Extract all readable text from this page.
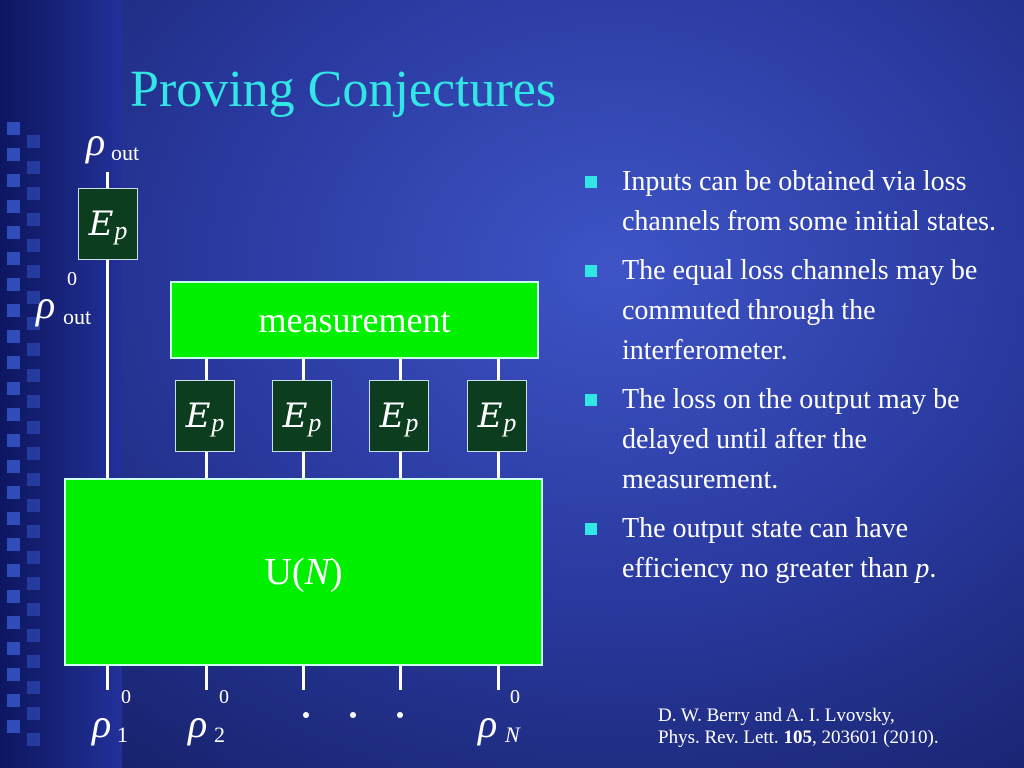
Proving Conjectures
E p
measurement
E p E p E p E p
U(N)
ρ out
ρ
0
out
ρ
0
1 ρ
0
2	ρ
0
N
Inputs can be obtained via loss channels from some initial states.
The equal loss channels may be commuted through the interferometer.
The loss on the output may be delayed until after the measurement.
The output state can have efficiency no greater than p.
D. W. Berry and A. I. Lvovsky,
Phys. Rev. Lett. 105, 203601 (2010).
